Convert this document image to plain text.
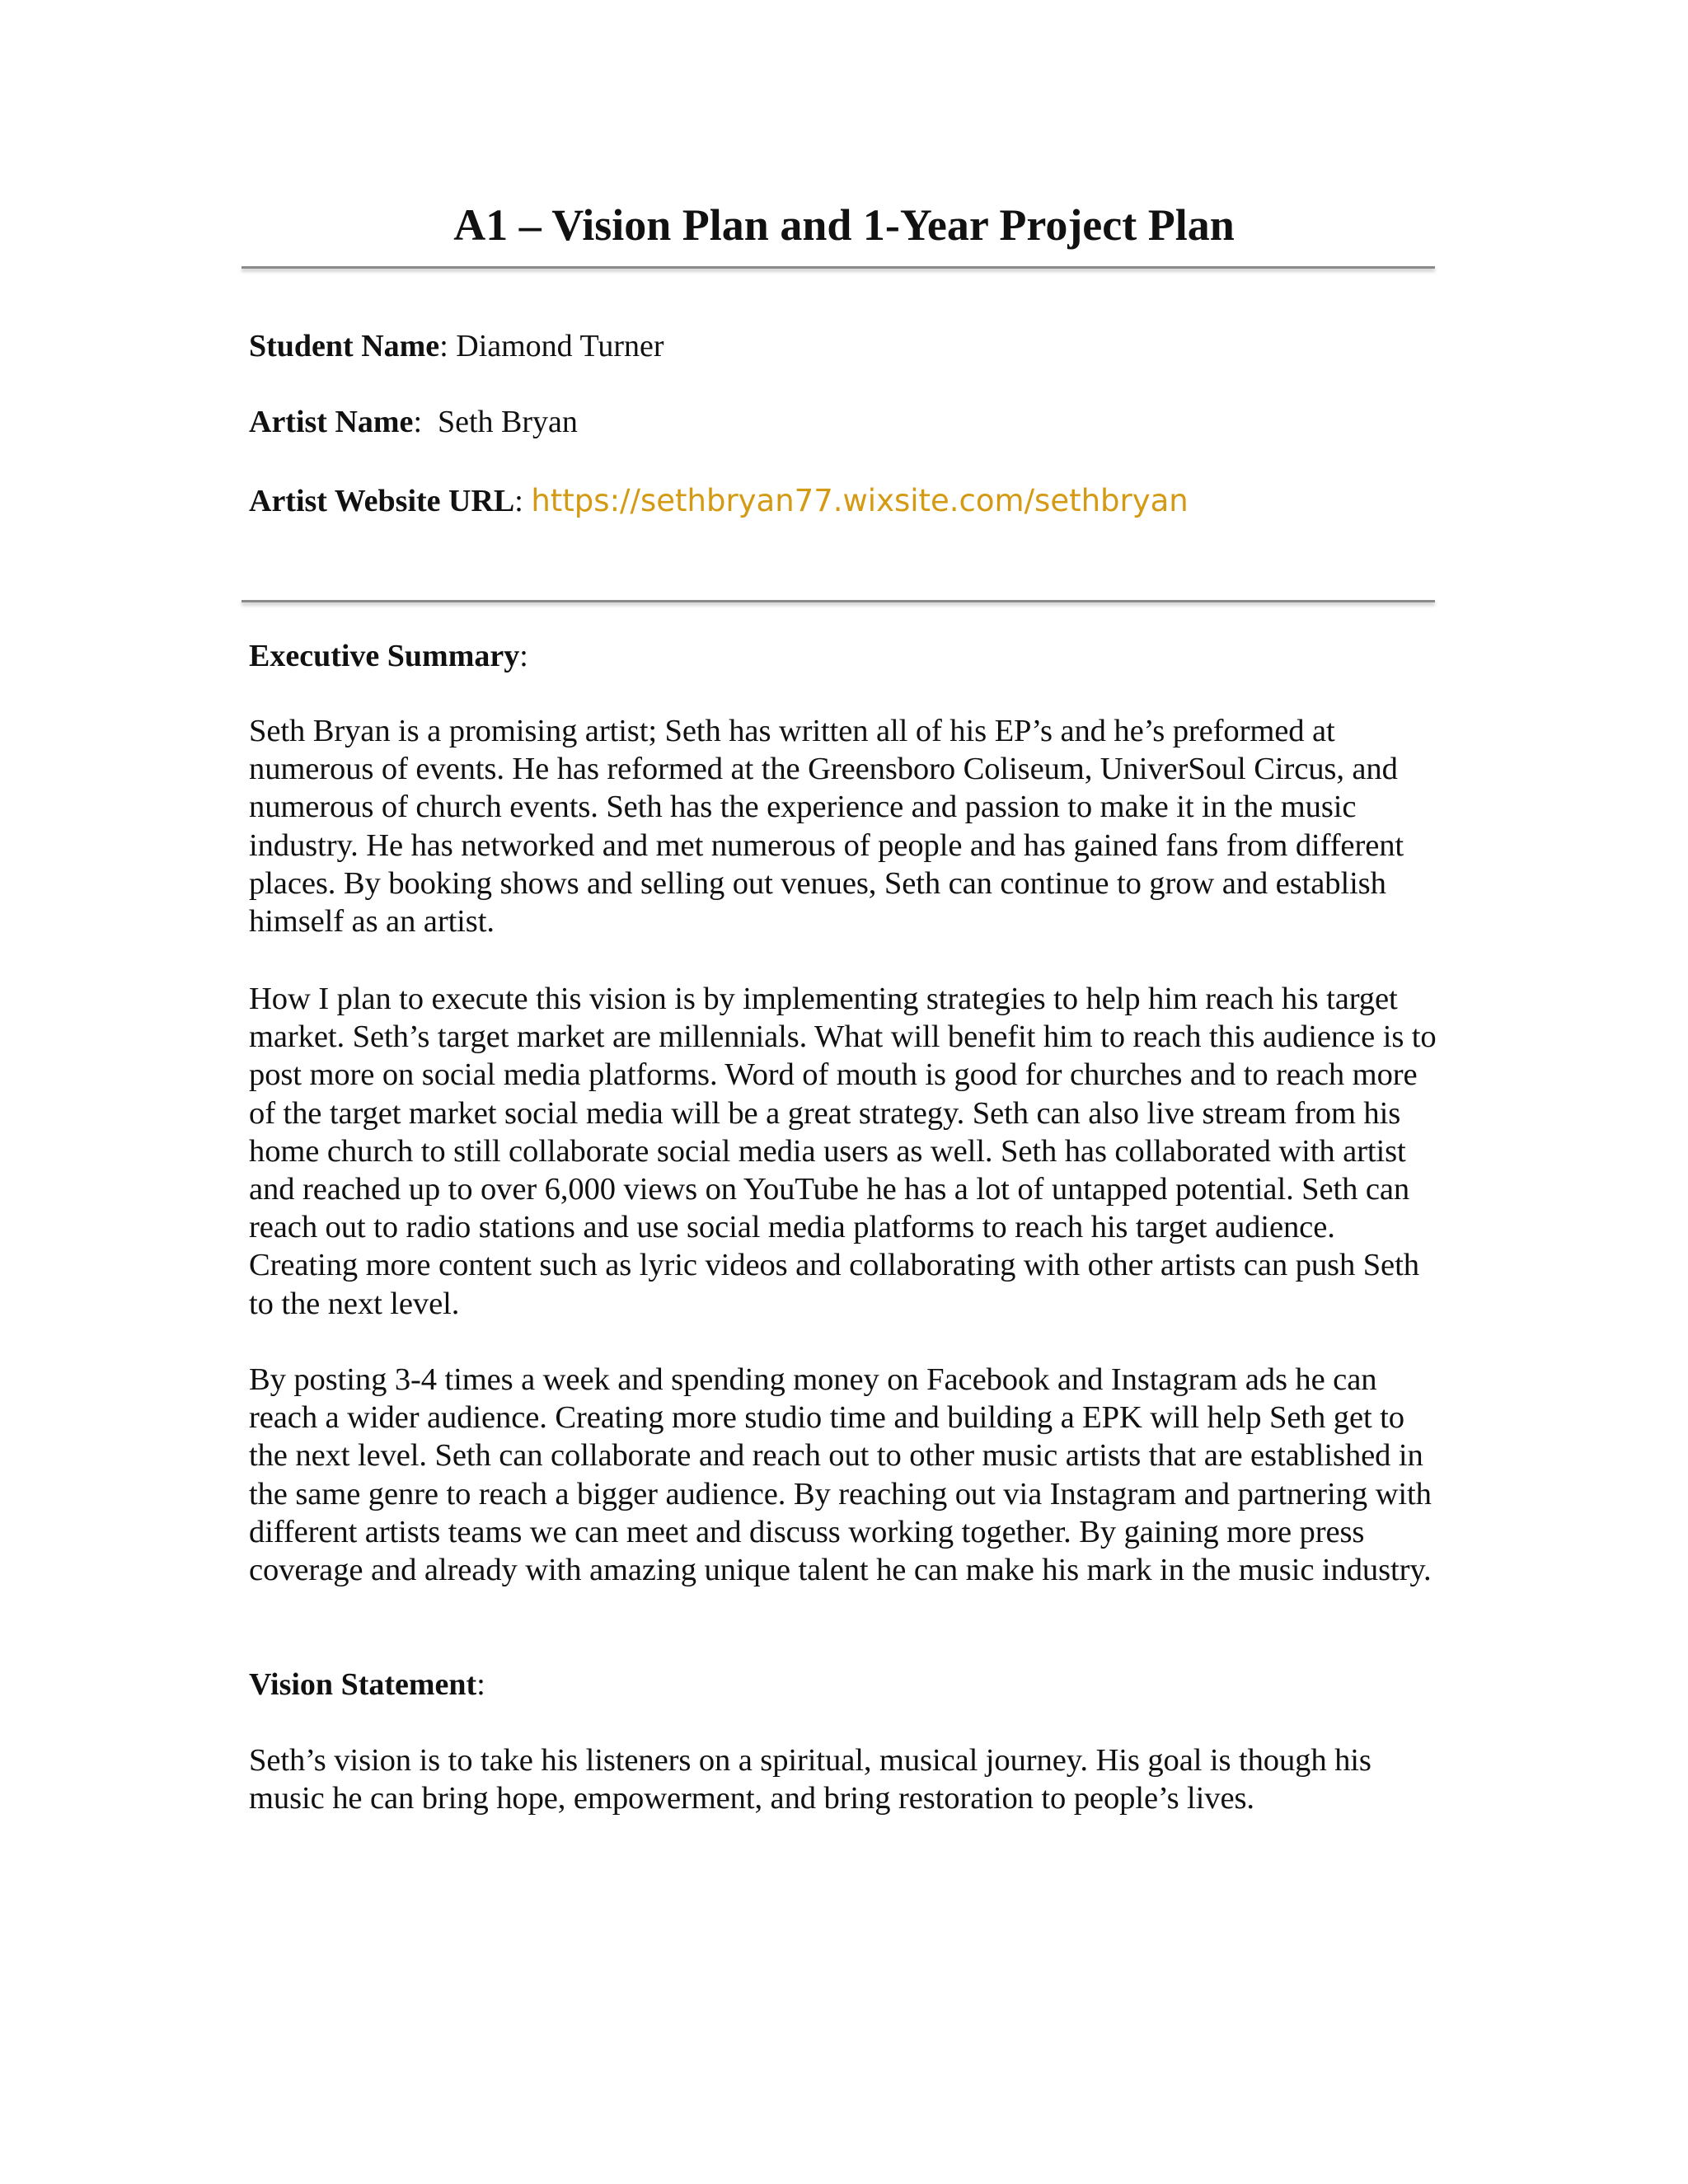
A1 – Vision Plan and 1-Year Project Plan
Student Name: Diamond Turner
Artist Name:  Seth Bryan
Artist Website URL: https://sethbryan77.wixsite.com/sethbryan
Executive Summary:

Seth Bryan is a promising artist; Seth has written all of his EP’s and he’s preformed at numerous of events. He has reformed at the Greensboro Coliseum, UniverSoul Circus, and numerous of church events. Seth has the experience and passion to make it in the music industry. He has networked and met numerous of people and has gained fans from different places. By booking shows and selling out venues, Seth can continue to grow and establish himself as an artist.

How I plan to execute this vision is by implementing strategies to help him reach his target market. Seth’s target market are millennials. What will benefit him to reach this audience is to post more on social media platforms. Word of mouth is good for churches and to reach more of the target market social media will be a great strategy. Seth can also live stream from his home church to still collaborate social media users as well. Seth has collaborated with artist and reached up to over 6,000 views on YouTube he has a lot of untapped potential. Seth can reach out to radio stations and use social media platforms to reach his target audience. Creating more content such as lyric videos and collaborating with other artists can push Seth to the next level.

By posting 3-4 times a week and spending money on Facebook and Instagram ads he can reach a wider audience. Creating more studio time and building a EPK will help Seth get to the next level. Seth can collaborate and reach out to other music artists that are established in the same genre to reach a bigger audience. By reaching out via Instagram and partnering with different artists teams we can meet and discuss working together. By gaining more press coverage and already with amazing unique talent he can make his mark in the music industry.

Vision Statement:

Seth’s vision is to take his listeners on a spiritual, musical journey. His goal is though his music he can bring hope, empowerment, and bring restoration to people’s lives.
